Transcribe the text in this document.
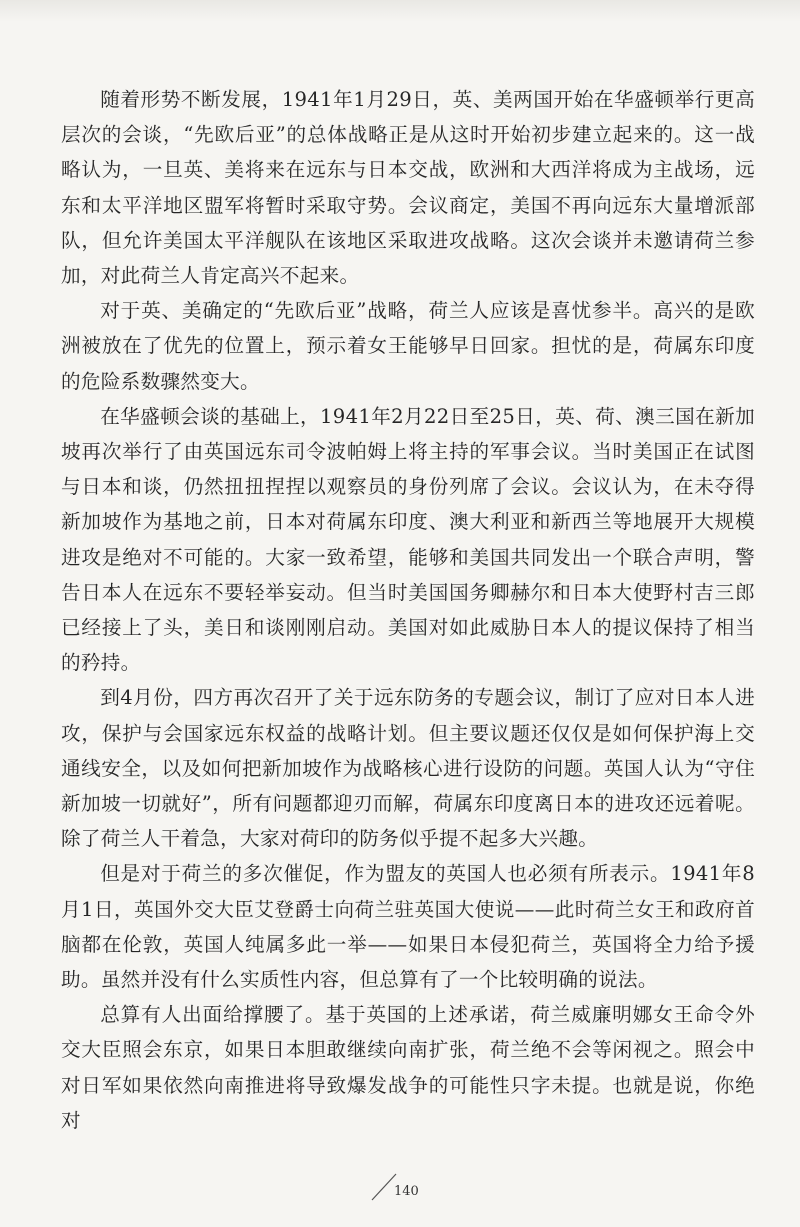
随着形势不断发展，1941年1月29日，英、美两国开始在华盛顿举行更高层次的会谈，“先欧后亚”的总体战略正是从这时开始初步建立起来的。这一战略认为，一旦英、美将来在远东与日本交战，欧洲和大西洋将成为主战场，远东和太平洋地区盟军将暂时采取守势。会议商定，美国不再向远东大量增派部队，但允许美国太平洋舰队在该地区采取进攻战略。这次会谈并未邀请荷兰参加，对此荷兰人肯定高兴不起来。

对于英、美确定的“先欧后亚”战略，荷兰人应该是喜忧参半。高兴的是欧洲被放在了优先的位置上，预示着女王能够早日回家。担忧的是，荷属东印度的危险系数骤然变大。

在华盛顿会谈的基础上，1941年2月22日至25日，英、荷、澳三国在新加坡再次举行了由英国远东司令波帕姆上将主持的军事会议。当时美国正在试图与日本和谈，仍然扭扭捏捏以观察员的身份列席了会议。会议认为，在未夺得新加坡作为基地之前，日本对荷属东印度、澳大利亚和新西兰等地展开大规模进攻是绝对不可能的。大家一致希望，能够和美国共同发出一个联合声明，警告日本人在远东不要轻举妄动。但当时美国国务卿赫尔和日本大使野村吉三郎已经接上了头，美日和谈刚刚启动。美国对如此威胁日本人的提议保持了相当的矜持。

到4月份，四方再次召开了关于远东防务的专题会议，制订了应对日本人进攻，保护与会国家远东权益的战略计划。但主要议题还仅仅是如何保护海上交通线安全，以及如何把新加坡作为战略核心进行设防的问题。英国人认为“守住新加坡一切就好”，所有问题都迎刃而解，荷属东印度离日本的进攻还远着呢。除了荷兰人干着急，大家对荷印的防务似乎提不起多大兴趣。

但是对于荷兰的多次催促，作为盟友的英国人也必须有所表示。1941年8月1日，英国外交大臣艾登爵士向荷兰驻英国大使说——此时荷兰女王和政府首脑都在伦敦，英国人纯属多此一举——如果日本侵犯荷兰，英国将全力给予援助。虽然并没有什么实质性内容，但总算有了一个比较明确的说法。

总算有人出面给撑腰了。基于英国的上述承诺，荷兰威廉明娜女王命令外交大臣照会东京，如果日本胆敢继续向南扩张，荷兰绝不会等闲视之。照会中对日军如果依然向南推进将导致爆发战争的可能性只字未提。也就是说，你绝对

140
